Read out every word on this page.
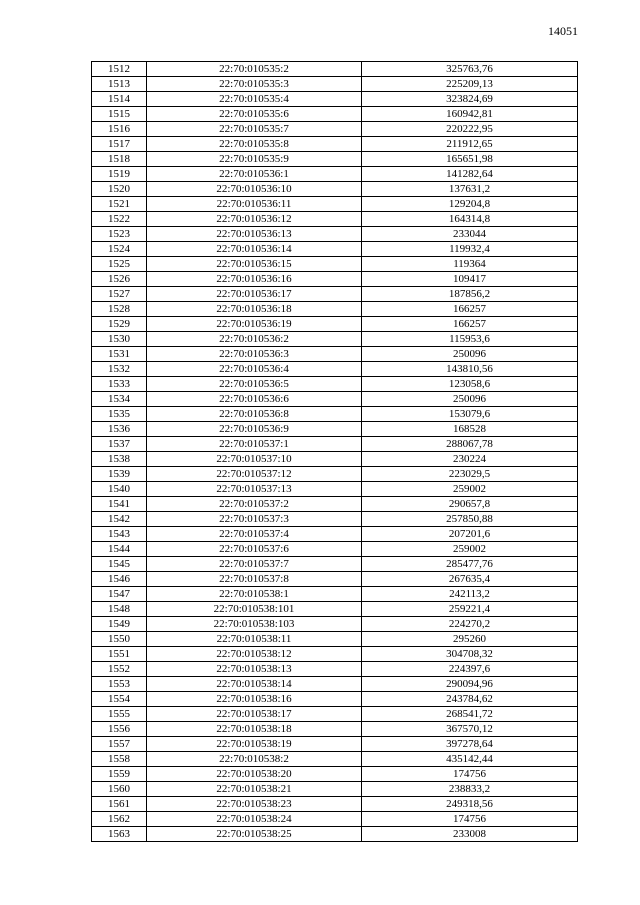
14051
1512	22:70:010535:2	325763,76
1513	22:70:010535:3	225209,13
1514	22:70:010535:4	323824,69
1515	22:70:010535:6	160942,81
1516	22:70:010535:7	220222,95
1517	22:70:010535:8	211912,65
1518	22:70:010535:9	165651,98
1519	22:70:010536:1	141282,64
1520	22:70:010536:10	137631,2
1521	22:70:010536:11	129204,8
1522	22:70:010536:12	164314,8
1523	22:70:010536:13	233044
1524	22:70:010536:14	119932,4
1525	22:70:010536:15	119364
1526	22:70:010536:16	109417
1527	22:70:010536:17	187856,2
1528	22:70:010536:18	166257
1529	22:70:010536:19	166257
1530	22:70:010536:2	115953,6
1531	22:70:010536:3	250096
1532	22:70:010536:4	143810,56
1533	22:70:010536:5	123058,6
1534	22:70:010536:6	250096
1535	22:70:010536:8	153079,6
1536	22:70:010536:9	168528
1537	22:70:010537:1	288067,78
1538	22:70:010537:10	230224
1539	22:70:010537:12	223029,5
1540	22:70:010537:13	259002
1541	22:70:010537:2	290657,8
1542	22:70:010537:3	257850,88
1543	22:70:010537:4	207201,6
1544	22:70:010537:6	259002
1545	22:70:010537:7	285477,76
1546	22:70:010537:8	267635,4
1547	22:70:010538:1	242113,2
1548	22:70:010538:101	259221,4
1549	22:70:010538:103	224270,2
1550	22:70:010538:11	295260
1551	22:70:010538:12	304708,32
1552	22:70:010538:13	224397,6
1553	22:70:010538:14	290094,96
1554	22:70:010538:16	243784,62
1555	22:70:010538:17	268541,72
1556	22:70:010538:18	367570,12
1557	22:70:010538:19	397278,64
1558	22:70:010538:2	435142,44
1559	22:70:010538:20	174756
1560	22:70:010538:21	238833,2
1561	22:70:010538:23	249318,56
1562	22:70:010538:24	174756
1563	22:70:010538:25	233008
